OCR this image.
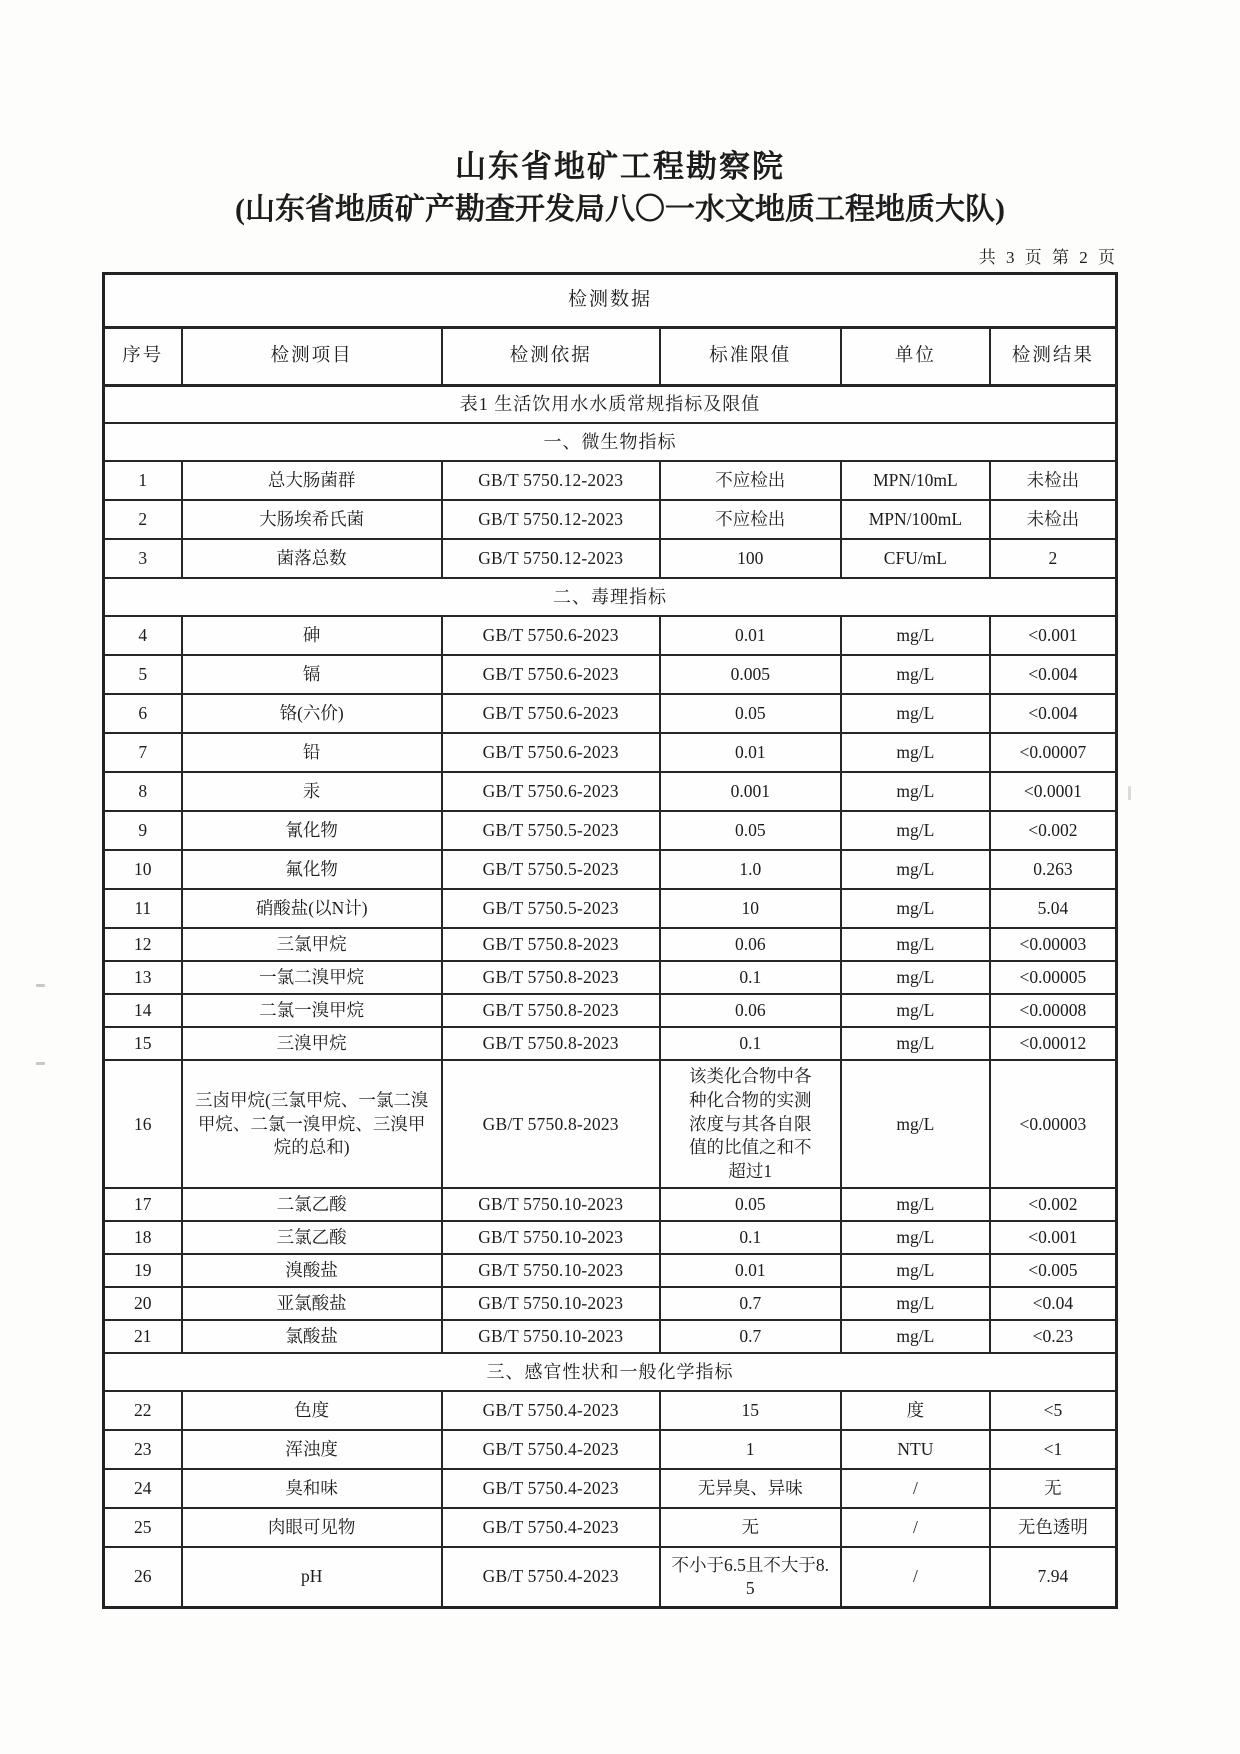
山东省地矿工程勘察院
(山东省地质矿产勘查开发局八〇一水文地质工程地质大队)
共 3 页 第 2 页
检测数据					
序号	检测项目	检测依据	标准限值	单位	检测结果
表1 生活饮用水水质常规指标及限值					
一、微生物指标					
1	总大肠菌群	GB/T 5750.12-2023	不应检出	MPN/10mL	未检出
2	大肠埃希氏菌	GB/T 5750.12-2023	不应检出	MPN/100mL	未检出
3	菌落总数	GB/T 5750.12-2023	100	CFU/mL	2
二、毒理指标					
4	砷	GB/T 5750.6-2023	0.01	mg/L	<0.001
5	镉	GB/T 5750.6-2023	0.005	mg/L	<0.004
6	铬(六价)	GB/T 5750.6-2023	0.05	mg/L	<0.004
7	铅	GB/T 5750.6-2023	0.01	mg/L	<0.00007
8	汞	GB/T 5750.6-2023	0.001	mg/L	<0.0001
9	氰化物	GB/T 5750.5-2023	0.05	mg/L	<0.002
10	氟化物	GB/T 5750.5-2023	1.0	mg/L	0.263
11	硝酸盐(以N计)	GB/T 5750.5-2023	10	mg/L	5.04
12	三氯甲烷	GB/T 5750.8-2023	0.06	mg/L	<0.00003
13	一氯二溴甲烷	GB/T 5750.8-2023	0.1	mg/L	<0.00005
14	二氯一溴甲烷	GB/T 5750.8-2023	0.06	mg/L	<0.00008
15	三溴甲烷	GB/T 5750.8-2023	0.1	mg/L	<0.00012
16	三卤甲烷(三氯甲烷、一氯二溴甲烷、二氯一溴甲烷、三溴甲烷的总和)	GB/T 5750.8-2023	该类化合物中各种化合物的实测浓度与其各自限值的比值之和不超过1	mg/L	<0.00003
17	二氯乙酸	GB/T 5750.10-2023	0.05	mg/L	<0.002
18	三氯乙酸	GB/T 5750.10-2023	0.1	mg/L	<0.001
19	溴酸盐	GB/T 5750.10-2023	0.01	mg/L	<0.005
20	亚氯酸盐	GB/T 5750.10-2023	0.7	mg/L	<0.04
21	氯酸盐	GB/T 5750.10-2023	0.7	mg/L	<0.23
三、感官性状和一般化学指标					
22	色度	GB/T 5750.4-2023	15	度	<5
23	浑浊度	GB/T 5750.4-2023	1	NTU	<1
24	臭和味	GB/T 5750.4-2023	无异臭、异味	/	无
25	肉眼可见物	GB/T 5750.4-2023	无	/	无色透明
26	pH	GB/T 5750.4-2023	不小于6.5且不大于8.5	/	7.94
